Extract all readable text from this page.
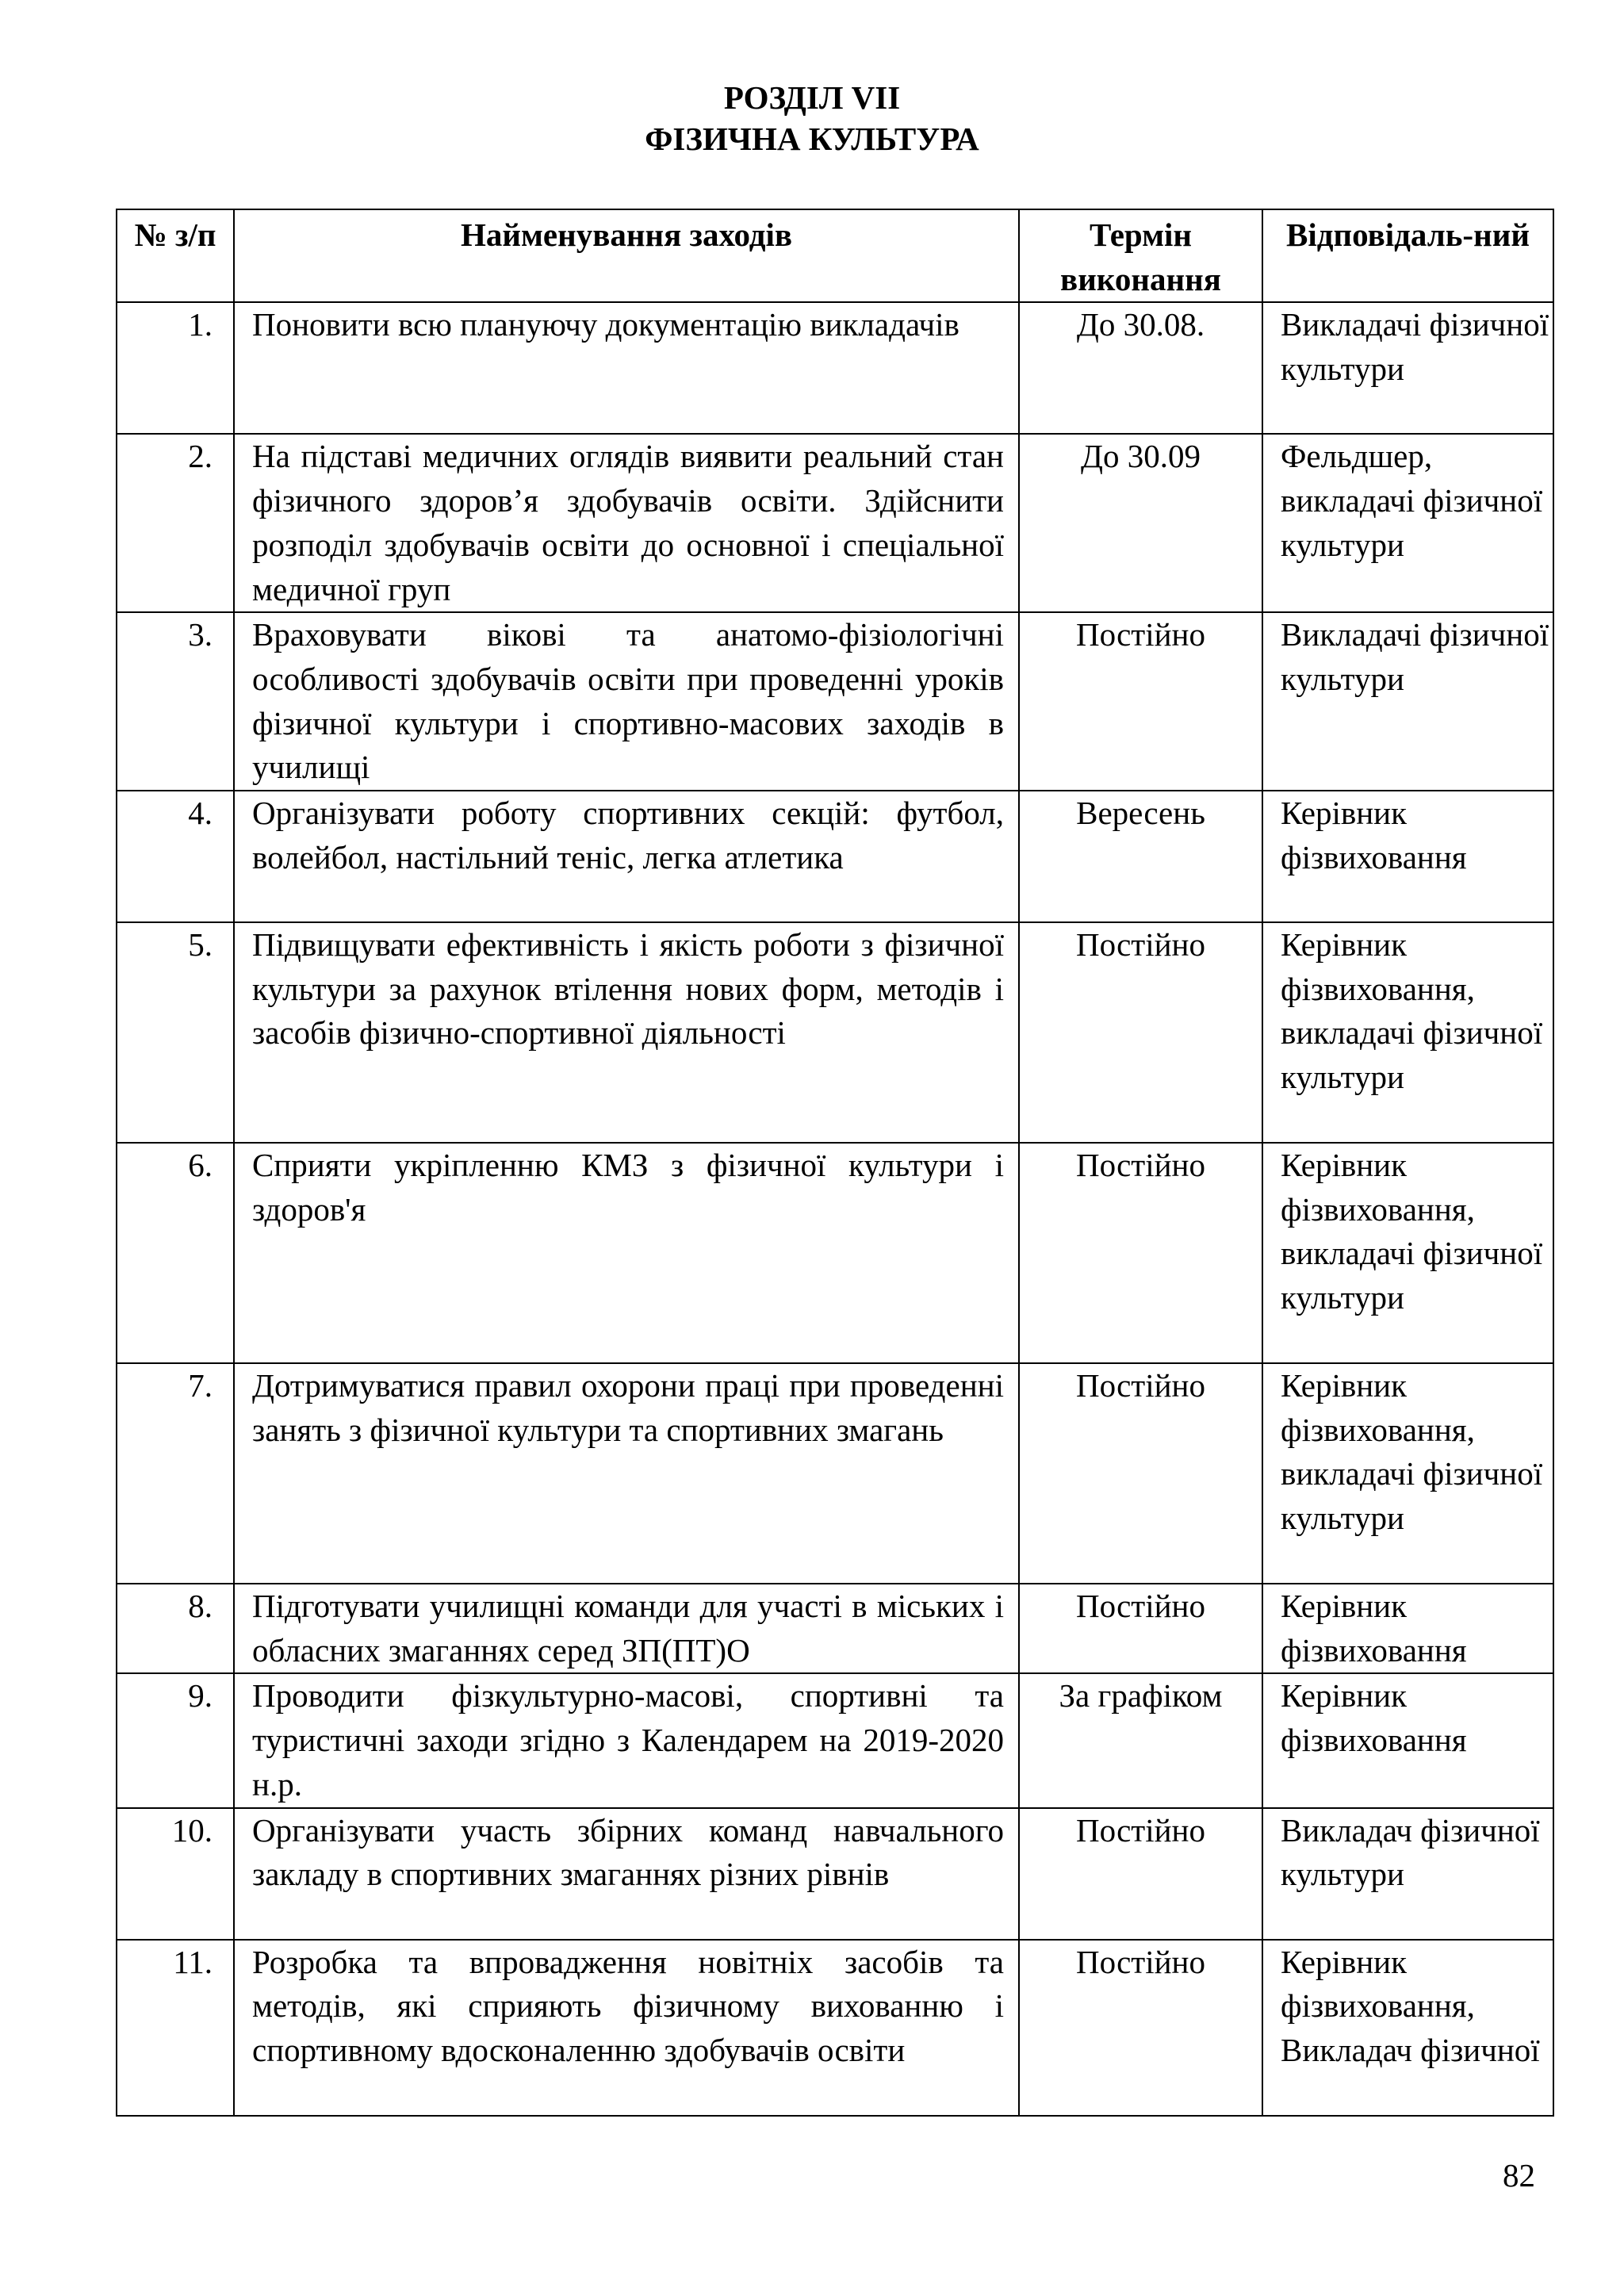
РОЗДІЛ VII
ФІЗИЧНА КУЛЬТУРА
№ з/п	Найменування заходів	Термін виконання	Відповідаль-ний
1.	Поновити всю плануючу документацію викладачів	До 30.08.	Викладачі фізичної культури
2.	На підставі медичних оглядів виявити реальний стан фізичного здоров’я здобувачів освіти. Здійснити розподіл здобувачів освіти до основної і спеціальної медичної груп	До 30.09	Фельдшер, викладачі фізичної культури
3.	Враховувати вікові та анатомо-фізіологічні особливості здобувачів освіти при проведенні уроків фізичної культури і спортивно-масових заходів в училищі	Постійно	Викладачі фізичної культури
4.	Організувати роботу спортивних секцій: футбол, волейбол, настільний теніс, легка атлетика	Вересень	Керівник фізвиховання
5.	Підвищувати ефективність і якість роботи з фізичної культури за рахунок втілення нових форм, методів і засобів фізично-спортивної діяльності	Постійно	Керівник фізвиховання, викладачі фізичної культури
6.	Сприяти укріпленню КМЗ з фізичної культури і здоров'я	Постійно	Керівник фізвиховання, викладачі фізичної культури
7.	Дотримуватися правил охорони праці при проведенні занять з фізичної культури та спортивних змагань	Постійно	Керівник фізвиховання, викладачі фізичної культури
8.	Підготувати училищні команди для участі в міських і обласних змаганнях серед ЗП(ПТ)О	Постійно	Керівник фізвиховання
9.	Проводити фізкультурно-масові, спортивні та туристичні заходи згідно з Календарем на 2019-2020 н.р.	За графіком	Керівник фізвиховання
10.	Організувати участь збірних команд навчального закладу в спортивних змаганнях різних рівнів	Постійно	Викладач фізичної культури
11.	Розробка та впровадження новітніх засобів та методів, які сприяють фізичному вихованню і спортивному вдосконаленню здобувачів освіти	Постійно	Керівник фізвиховання, Викладач фізичної
82
